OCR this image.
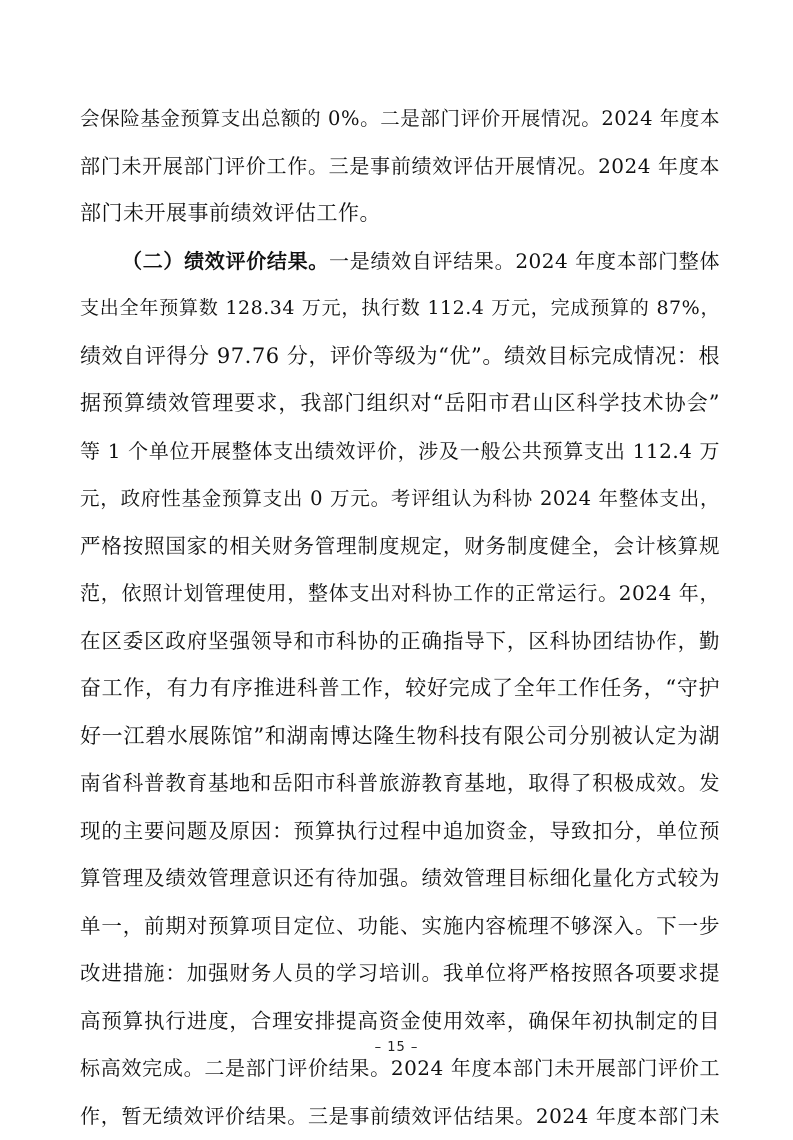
会保险基金预算支出总额的 0%。二是部门评价开展情况。2024 年度本
部门未开展部门评价工作。三是事前绩效评估开展情况。2024 年度本
部门未开展事前绩效评估工作。
（二）绩效评价结果。一是绩效自评结果。2024 年度本部门整体
支出全年预算数 128.34 万元，执行数 112.4 万元，完成预算的 87%，
绩效自评得分 97.76 分，评价等级为“优”。绩效目标完成情况：根
据预算绩效管理要求，我部门组织对“岳阳市君山区科学技术协会”
等 1 个单位开展整体支出绩效评价，涉及一般公共预算支出 112.4 万
元，政府性基金预算支出 0 万元。考评组认为科协 2024 年整体支出，
严格按照国家的相关财务管理制度规定，财务制度健全，会计核算规
范，依照计划管理使用，整体支出对科协工作的正常运行。2024 年，
在区委区政府坚强领导和市科协的正确指导下，区科协团结协作，勤
奋工作，有力有序推进科普工作，较好完成了全年工作任务，“守护
好一江碧水展陈馆”和湖南博达隆生物科技有限公司分别被认定为湖
南省科普教育基地和岳阳市科普旅游教育基地，取得了积极成效。发
现的主要问题及原因：预算执行过程中追加资金，导致扣分，单位预
算管理及绩效管理意识还有待加强。绩效管理目标细化量化方式较为
单一，前期对预算项目定位、功能、实施内容梳理不够深入。下一步
改进措施：加强财务人员的学习培训。我单位将严格按照各项要求提
高预算执行进度，合理安排提高资金使用效率，确保年初执制定的目
标高效完成。二是部门评价结果。2024 年度本部门未开展部门评价工
作，暂无绩效评价结果。三是事前绩效评估结果。2024 年度本部门未
– 15 –
